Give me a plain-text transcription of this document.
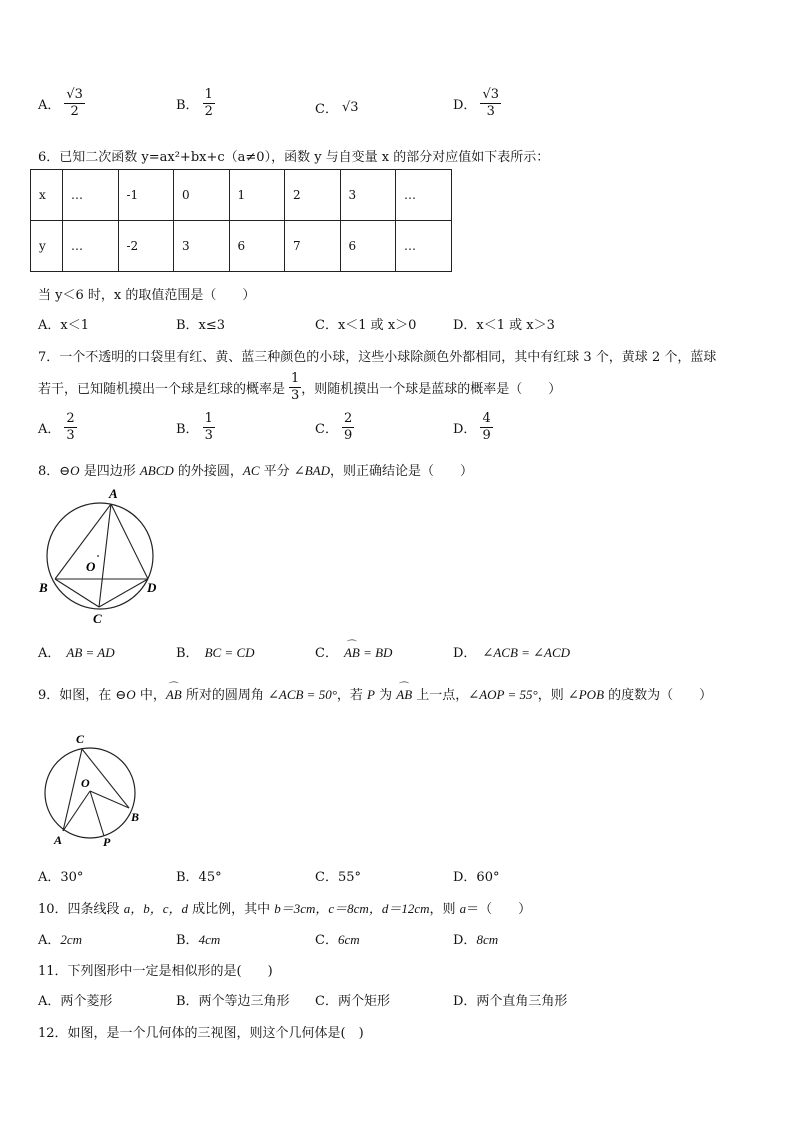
A． $\frac{√3}{2}$	B． $\frac{1}{2}$	C． √3	D． $\frac{√3}{3}$
6．已知二次函数 y=ax²+bx+c（a≠0），函数 y 与自变量 x 的部分对应值如下表所示：
x	…	-1	0	1	2	3	…
y	…	-2	3	6	7	6	…
当 y＜6 时，x 的取值范围是（　　）
A．x＜1	B．x≤3	C．x＜1 或 x＞0	D．x＜1 或 x＞3
7．一个不透明的口袋里有红、黄、蓝三种颜色的小球，这些小球除颜色外都相同，其中有红球 3 个，黄球 2 个，蓝球
若干，已知随机摸出一个球是红球的概率是 $\frac{1}{3}$ ，则随机摸出一个球是蓝球的概率是（　　）
A． $\frac{2}{3}$	B． $\frac{1}{3}$	C． $\frac{2}{9}$	D． $\frac{4}{9}$
8．⊖O 是四边形 ABCD 的外接圆，AC 平分 ∠BAD，则正确结论是（　　）
A
O
B	D
C
A． AB = AD	B． BC = CD	C． ⌒ AB = BD	D． ∠ACB = ∠ACD
9．如图，在 ⊖O 中，⌒ AB 所对的圆周角 ∠ACB = 50°，若 P 为 ⌒ AB 上一点，∠AOP = 55°，则 ∠POB 的度数为（　　）
C
O
B
A	P
A．30°	B．45°	C．55°	D．60°
10．四条线段 a，b，c，d 成比例，其中 b＝3cm，c＝8cm，d＝12cm，则 a＝（　　）
A．2cm	B．4cm	C．6cm	D．8cm
11．下列图形中一定是相似形的是(　　)
A．两个菱形	B．两个等边三角形 C．两个矩形	D．两个直角三角形
12．如图，是一个几何体的三视图，则这个几何体是(　)
